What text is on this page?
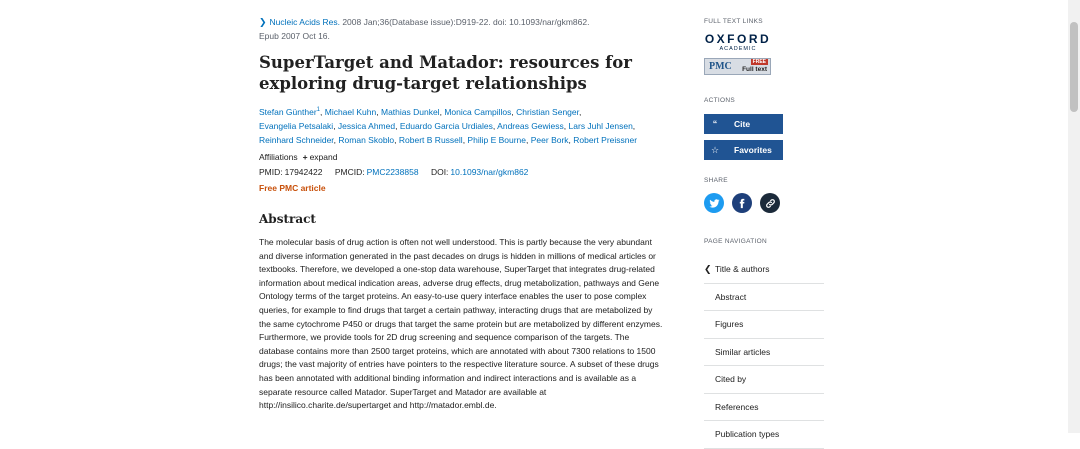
❯ Nucleic Acids Res. 2008 Jan;36(Database issue):D919-22. doi: 10.1093/nar/gkm862.
Epub 2007 Oct 16.
SuperTarget and Matador: resources for exploring drug-target relationships
Stefan Günther$^1$, Michael Kuhn, Mathias Dunkel, Monica Campillos, Christian Senger,
Evangelia Petsalaki, Jessica Ahmed, Eduardo Garcia Urdiales, Andreas Gewiess, Lars Juhl Jensen,
Reinhard Schneider, Roman Skoblo, Robert B Russell, Philip E Bourne, Peer Bork, Robert Preissner
Affiliations + expand
PMID: 17942422 PMCID: PMC2238858 DOI: 10.1093/nar/gkm862
Free PMC article
Abstract

The molecular basis of drug action is often not well understood. This is partly because the very abundant and diverse information generated in the past decades on drugs is hidden in millions of medical articles or textbooks. Therefore, we developed a one-stop data warehouse, SuperTarget that integrates drug-related information about medical indication areas, adverse drug effects, drug metabolization, pathways and Gene Ontology terms of the target proteins. An easy-to-use query interface enables the user to pose complex queries, for example to find drugs that target a certain pathway, interacting drugs that are metabolized by the same cytochrome P450 or drugs that target the same protein but are metabolized by different enzymes. Furthermore, we provide tools for 2D drug screening and sequence comparison of the targets. The database contains more than 2500 target proteins, which are annotated with about 7300 relations to 1500 drugs; the vast majority of entries have pointers to the respective literature source. A subset of these drugs has been annotated with additional binding information and indirect interactions and is available as a separate resource called Matador. SuperTarget and Matador are available at http://insilico.charite.de/supertarget and http://matador.embl.de.

FULL TEXT LINKS
OXFORD
ACADEMIC
PMC	FREE
Full text
ACTIONS
“	Cite
☆	Favorites
SHARE
PAGE NAVIGATION
❮ Title & authors
Abstract
Figures
Similar articles
Cited by
References
Publication types
